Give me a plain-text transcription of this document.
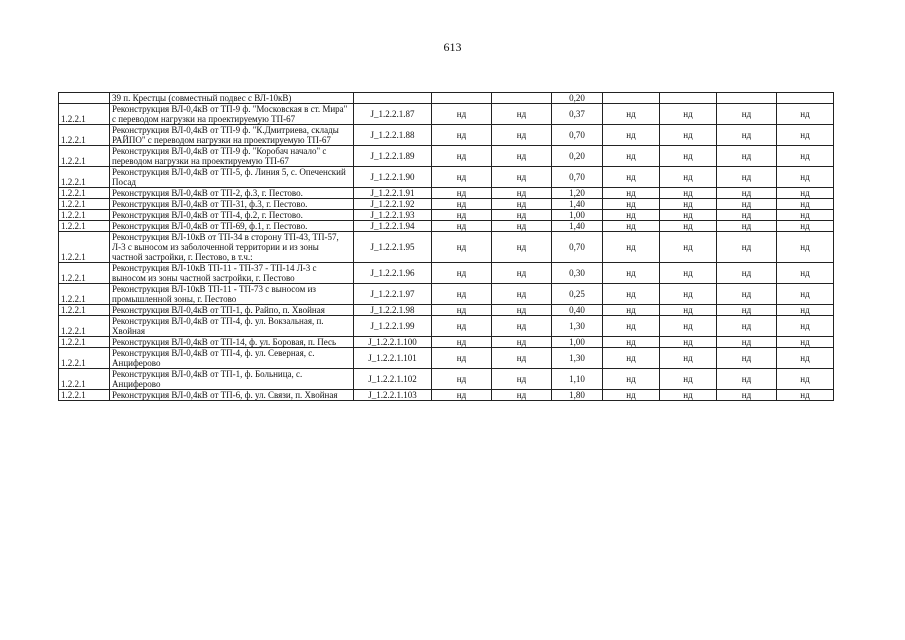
613
	39 п. Крестцы (совместный подвес с ВЛ-10кВ)				0,20				
1.2.2.1	Реконструкция ВЛ-0,4кВ от ТП-9 ф. "Московская в ст. Мира" с переводом нагрузки на проектируемую ТП-67	J_1.2.2.1.87	нд	нд	0,37	нд	нд	нд	нд
1.2.2.1	Реконструкция ВЛ-0,4кВ от ТП-9 ф. "К.Дмитриева, склады РАЙПО" с переводом нагрузки на проектируемую ТП-67	J_1.2.2.1.88	нд	нд	0,70	нд	нд	нд	нд
1.2.2.1	Реконструкция ВЛ-0,4кВ от ТП-9 ф. "Коробач начало" с переводом нагрузки на проектируемую ТП-67	J_1.2.2.1.89	нд	нд	0,20	нд	нд	нд	нд
1.2.2.1	Реконструкция ВЛ-0,4кВ от ТП-5, ф. Линия 5, с. Опеченский Посад	J_1.2.2.1.90	нд	нд	0,70	нд	нд	нд	нд
1.2.2.1	Реконструкция ВЛ-0,4кВ от ТП-2, ф.3, г. Пестово.	J_1.2.2.1.91	нд	нд	1,20	нд	нд	нд	нд
1.2.2.1	Реконструкция ВЛ-0,4кВ от ТП-31, ф.3, г. Пестово.	J_1.2.2.1.92	нд	нд	1,40	нд	нд	нд	нд
1.2.2.1	Реконструкция ВЛ-0,4кВ от ТП-4, ф.2, г. Пестово.	J_1.2.2.1.93	нд	нд	1,00	нд	нд	нд	нд
1.2.2.1	Реконструкция ВЛ-0,4кВ от ТП-69, ф.1, г. Пестово.	J_1.2.2.1.94	нд	нд	1,40	нд	нд	нд	нд
1.2.2.1	Реконструкция ВЛ-10кВ от ТП-34 в сторону ТП-43, ТП-57, Л-3 с выносом из заболоченной территории и из зоны частной застройки, г. Пестово, в т.ч.:	J_1.2.2.1.95	нд	нд	0,70	нд	нд	нд	нд
1.2.2.1	Реконструкция ВЛ-10кВ ТП-11 - ТП-37 - ТП-14 Л-3 с выносом из зоны частной застройки, г. Пестово	J_1.2.2.1.96	нд	нд	0,30	нд	нд	нд	нд
1.2.2.1	Реконструкция ВЛ-10кВ ТП-11 - ТП-73 с выносом из промышленной зоны, г. Пестово	J_1.2.2.1.97	нд	нд	0,25	нд	нд	нд	нд
1.2.2.1	Реконструкция ВЛ-0,4кВ от ТП-1, ф. Райпо, п. Хвойная	J_1.2.2.1.98	нд	нд	0,40	нд	нд	нд	нд
1.2.2.1	Реконструкция ВЛ-0,4кВ от ТП-4, ф. ул. Вокзальная, п. Хвойная	J_1.2.2.1.99	нд	нд	1,30	нд	нд	нд	нд
1.2.2.1	Реконструкция ВЛ-0,4кВ от ТП-14, ф. ул. Боровая, п. Песь	J_1.2.2.1.100	нд	нд	1,00	нд	нд	нд	нд
1.2.2.1	Реконструкция ВЛ-0,4кВ от ТП-4, ф. ул. Северная, с. Анциферово	J_1.2.2.1.101	нд	нд	1,30	нд	нд	нд	нд
1.2.2.1	Реконструкция ВЛ-0,4кВ от ТП-1, ф. Больница, с. Анциферово	J_1.2.2.1.102	нд	нд	1,10	нд	нд	нд	нд
1.2.2.1	Реконструкция ВЛ-0,4кВ от ТП-6, ф. ул. Связи, п. Хвойная	J_1.2.2.1.103	нд	нд	1,80	нд	нд	нд	нд
